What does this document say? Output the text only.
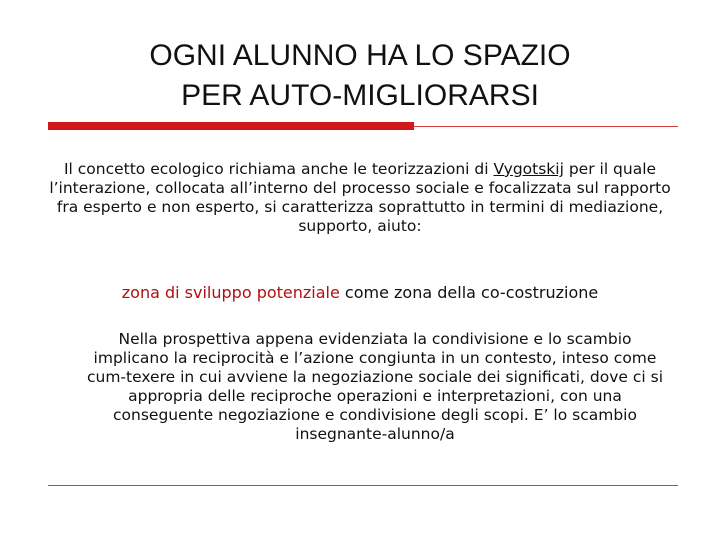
OGNI ALUNNO HA LO SPAZIO
PER AUTO-MIGLIORARSI

Il concetto ecologico richiama anche le teorizzazioni di Vygotskij per il quale l’interazione, collocata all’interno del processo sociale e focalizzata sul rapporto fra esperto e non esperto, si caratterizza soprattutto in termini di mediazione, supporto, aiuto:

zona di sviluppo potenziale come zona della co-costruzione

Nella prospettiva appena evidenziata la condivisione e lo scambio implicano la reciprocità e l’azione congiunta in un contesto, inteso come cum-texere in cui avviene la negoziazione sociale dei significati, dove ci si appropria delle reciproche operazioni e interpretazioni, con una conseguente negoziazione e condivisione degli scopi. E’ lo scambio insegnante-alunno/a
